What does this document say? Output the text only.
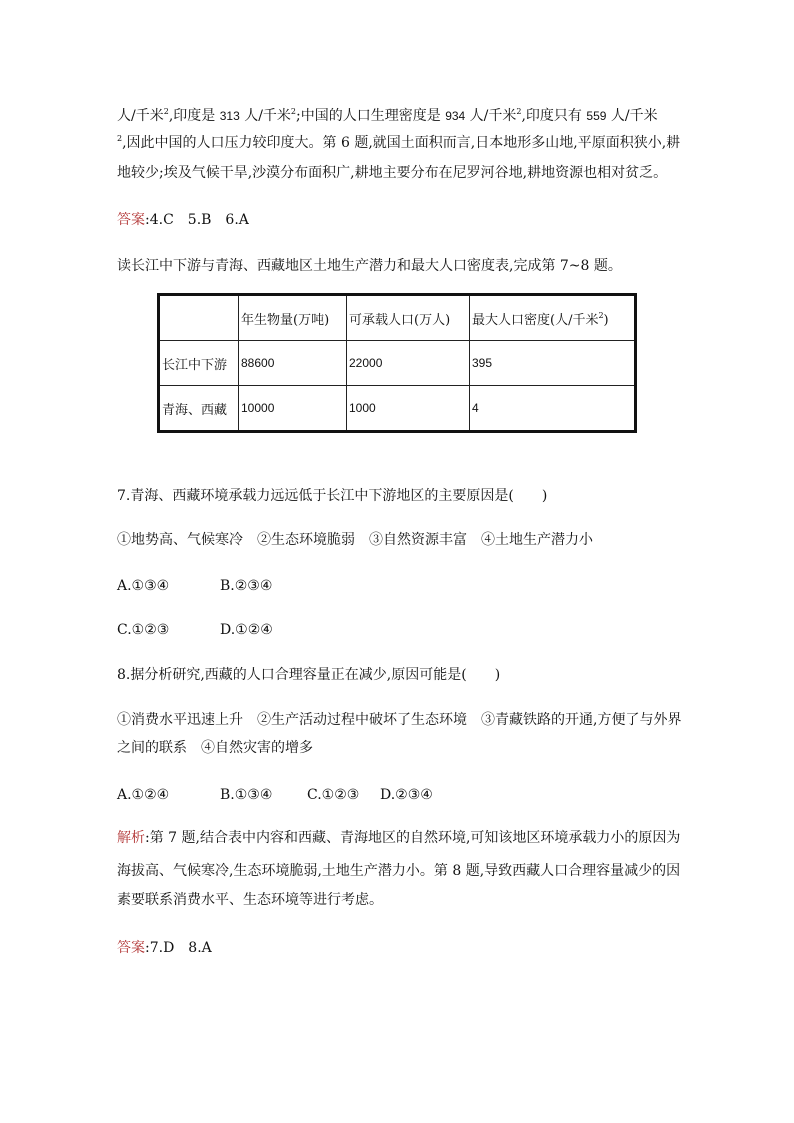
人/千米$^2$,印度是 313 人/千米$^2$;中国的人口生理密度是 934 人/千米$^2$,印度只有 559 人/千米
$^2$,因此中国的人口压力较印度大。第 6 题,就国土面积而言,日本地形多山地,平原面积狭小,耕
地较少;埃及气候干旱,沙漠分布面积广,耕地主要分布在尼罗河谷地,耕地资源也相对贫乏。
答案:4.C　5.B　6.A
读长江中下游与青海、西藏地区土地生产潜力和最大人口密度表,完成第 7~8 题。
	年生物量(万吨)	可承载人口(万人)	最大人口密度(人/千米$^2$)
长江中下游	88600	22000	395
青海、西藏	10000	1000	4
7.青海、西藏环境承载力远远低于长江中下游地区的主要原因是(　　)
①地势高、气候寒冷　②生态环境脆弱　③自然资源丰富　④土地生产潜力小
A.①③④	B.②③④
C.①②③	D.①②④
8.据分析研究,西藏的人口合理容量正在减少,原因可能是(　　)
①消费水平迅速上升　②生产活动过程中破坏了生态环境　③青藏铁路的开通,方便了与外界
之间的联系　④自然灾害的增多
A.①②④	B.①③④ C.①②③ D.②③④
解析:第 7 题,结合表中内容和西藏、青海地区的自然环境,可知该地区环境承载力小的原因为
海拔高、气候寒冷,生态环境脆弱,土地生产潜力小。第 8 题,导致西藏人口合理容量减少的因
素要联系消费水平、生态环境等进行考虑。
答案:7.D　8.A
